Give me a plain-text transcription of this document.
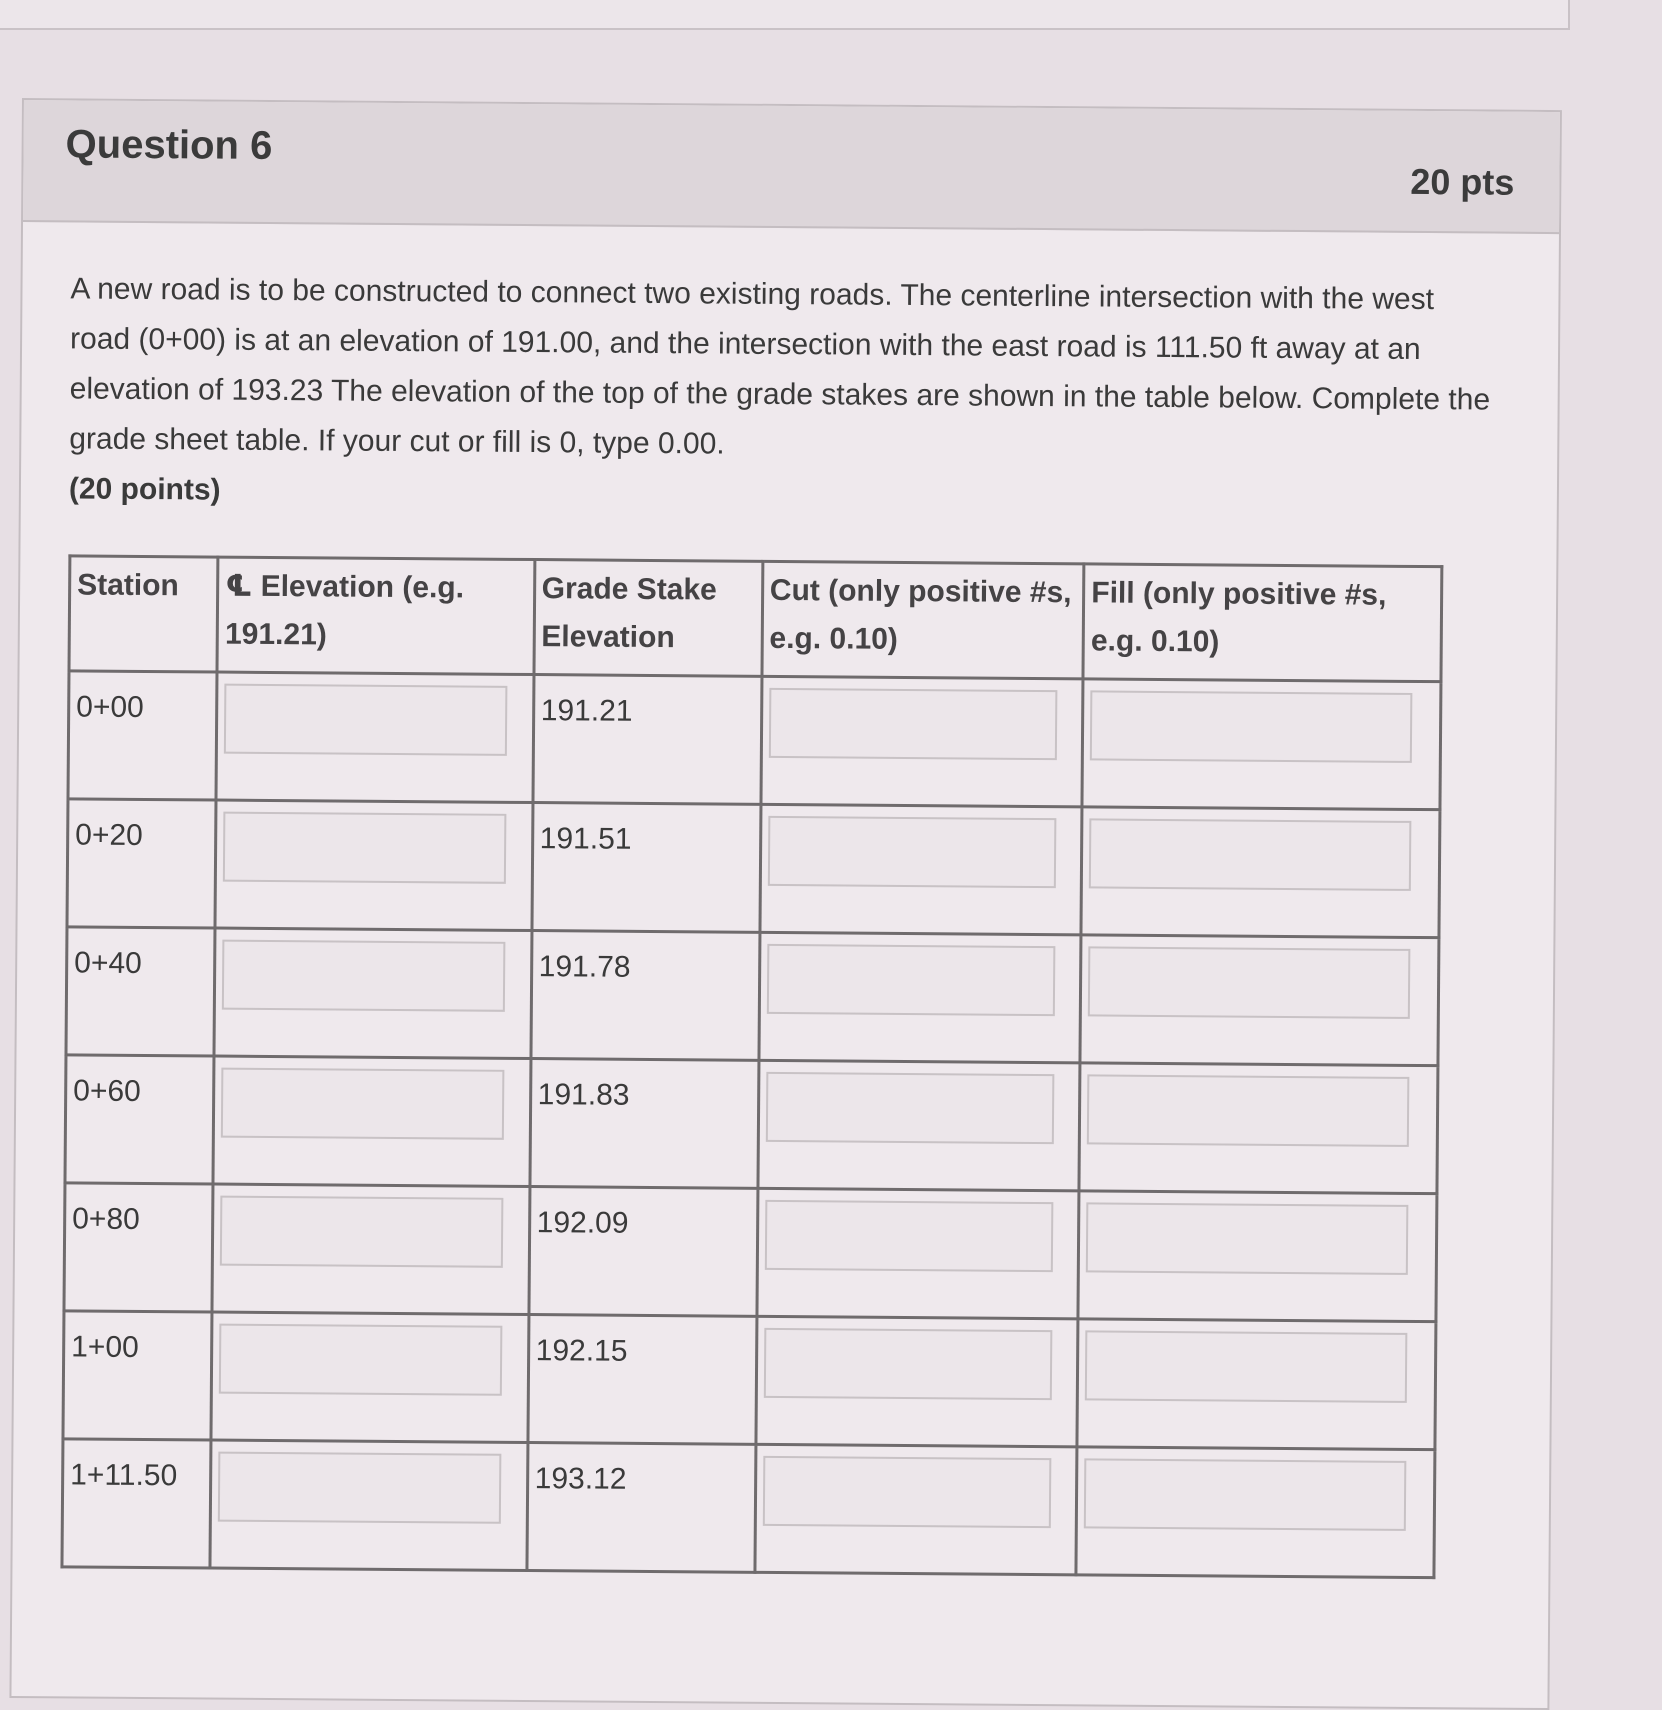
Question 6
20 pts

A new road is to be constructed to connect two existing roads. The centerline intersection with the west road (0+00) is at an elevation of 191.00, and the intersection with the east road is 111.50 ft away at an elevation of 193.23 The elevation of the top of the grade stakes are shown in the table below. Complete the grade sheet table. If your cut or fill is 0, type 0.00.
(20 points)

Station	℄ Elevation (e.g. 191.21)	Grade Stake Elevation	Cut (only positive #s, e.g. 0.10)	Fill (only positive #s, e.g. 0.10)
0+00		191.21	

0+20		191.51	

0+40		191.78	

0+60		191.83	

0+80		192.09	

1+00		192.15	

1+11.50		193.12	
